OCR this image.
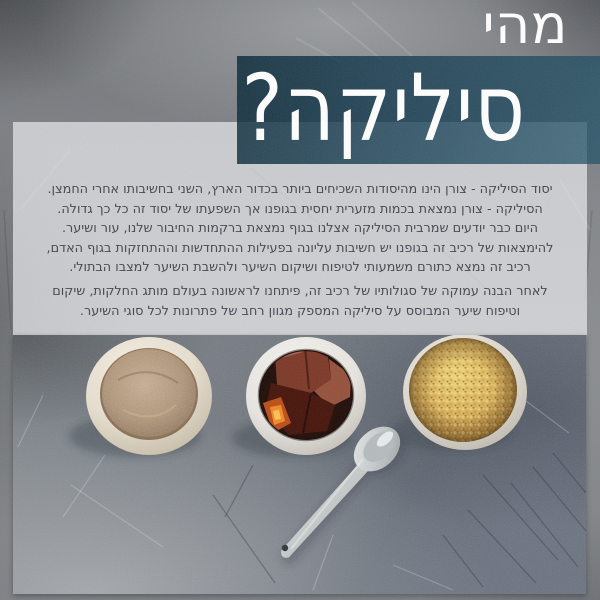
מהי
סיליקה?
יסוד הסיליקה - צורן הינו מהיסודות השכיחים ביותר בכדור הארץ, השני בחשיבותו אחרי החמצן.
הסיליקה - צורן נמצאת בכמות מזערית יחסית בגופנו אך השפעתו של יסוד זה כל כך גדולה.
היום כבר יודעים שמרבית הסיליקה אצלנו בגוף נמצאת ברקמות החיבור שלנו, עור ושיער.
להימצאות של רכיב זה בגופנו יש חשיבות עליונה בפעילות ההתחדשות וההתחזקות בגוף האדם,
רכיב זה נמצא כתורם משמעותי לטיפוח ושיקום השיער ולהשבת השיער למצבו הבתולי.
לאחר הבנה עמוקה של סגולותיו של רכיב זה, פיתחנו לראשונה בעולם מותג החלקות, שיקום
וטיפוח שיער המבוסס על סיליקה המספק מגוון רחב של פתרונות לכל סוגי השיער.
